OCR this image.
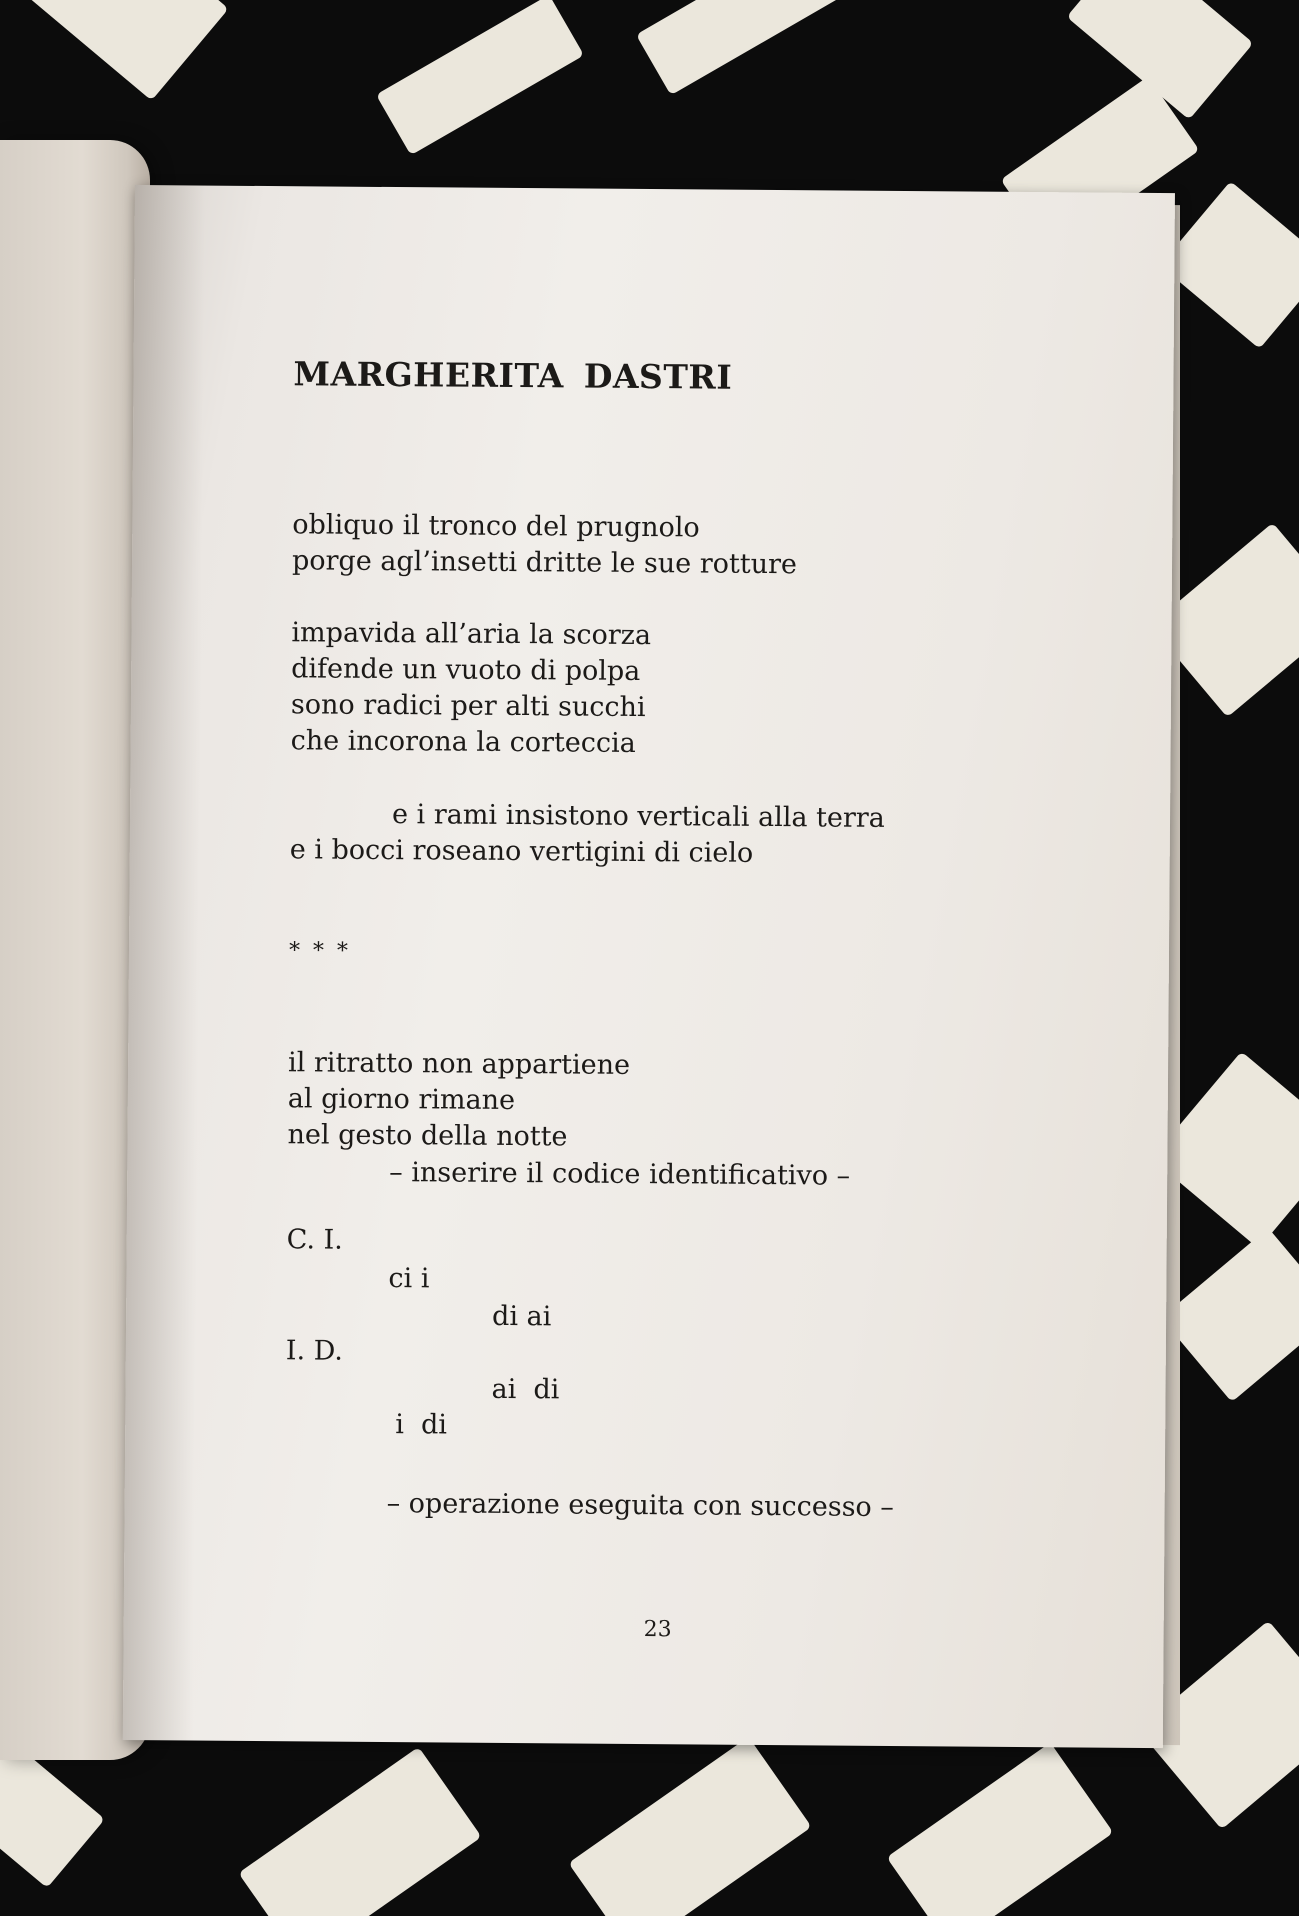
MARGHERITA DASTRI
obliquo il tronco del prugnolo
porge agl’insetti dritte le sue rotture
impavida all’aria la scorza
difende un vuoto di polpa
sono radici per alti succhi
che incorona la corteccia
e i rami insistono verticali alla terra
e i bocci roseano vertigini di cielo
* * *
il ritratto non appartiene
al giorno rimane
nel gesto della notte
– inserire il codice identificativo –
C. I.
ci i
di ai
I. D.
ai  di
i  di
– operazione eseguita con successo –
23
